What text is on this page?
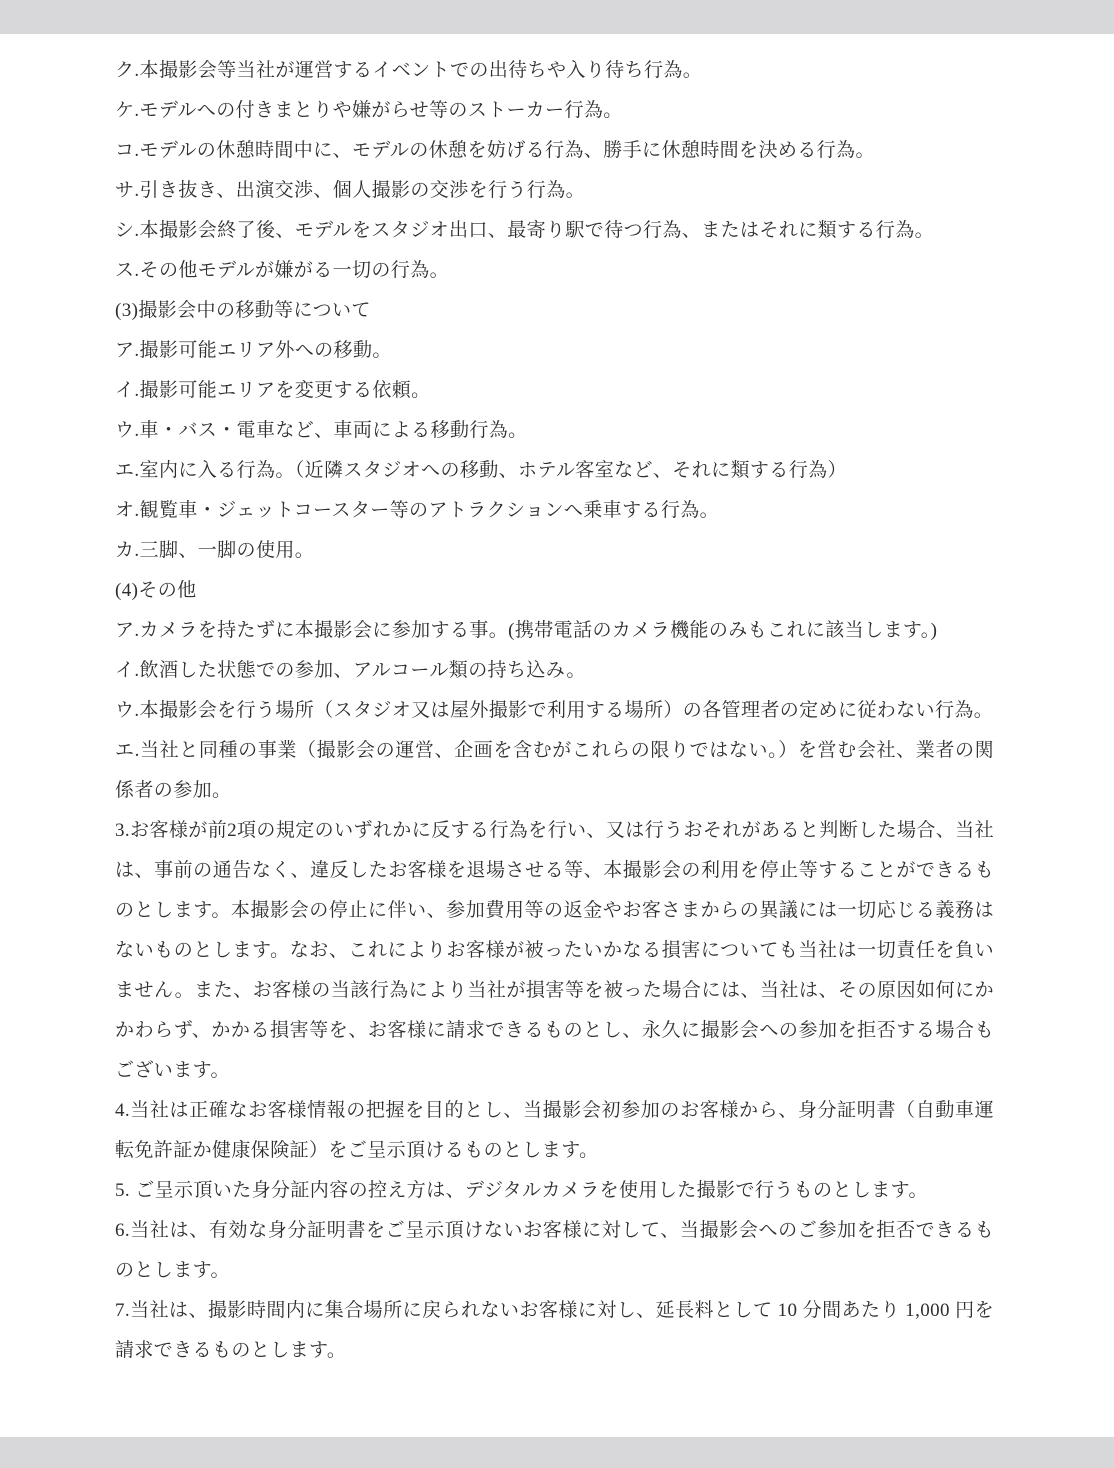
ク.本撮影会等当社が運営するイベントでの出待ちや入り待ち行為。

ケ.モデルへの付きまとりや嫌がらせ等のストーカー行為。

コ.モデルの休憩時間中に、モデルの休憩を妨げる行為、勝手に休憩時間を決める行為。

サ.引き抜き、出演交渉、個人撮影の交渉を行う行為。

シ.本撮影会終了後、モデルをスタジオ出口、最寄り駅で待つ行為、またはそれに類する行為。

ス.その他モデルが嫌がる一切の行為。

(3)撮影会中の移動等について

ア.撮影可能エリア外への移動。

イ.撮影可能エリアを変更する依頼。

ウ.車・バス・電車など、車両による移動行為。

エ.室内に入る行為。（近隣スタジオへの移動、ホテル客室など、それに類する行為）

オ.観覧車・ジェットコースター等のアトラクションへ乗車する行為。

カ.三脚、一脚の使用。

(4)その他

ア.カメラを持たずに本撮影会に参加する事。(携帯電話のカメラ機能のみもこれに該当します。)

イ.飲酒した状態での参加、アルコール類の持ち込み。

ウ.本撮影会を行う場所（スタジオ又は屋外撮影で利用する場所）の各管理者の定めに従わない行為。

エ.当社と同種の事業（撮影会の運営、企画を含むがこれらの限りではない。）を営む会社、業者の関係者の参加。

3.お客様が前2項の規定のいずれかに反する行為を行い、又は行うおそれがあると判断した場合、当社は、事前の通告なく、違反したお客様を退場させる等、本撮影会の利用を停止等することができるものとします。本撮影会の停止に伴い、参加費用等の返金やお客さまからの異議には一切応じる義務はないものとします。なお、これによりお客様が被ったいかなる損害についても当社は一切責任を負いません。また、お客様の当該行為により当社が損害等を被った場合には、当社は、その原因如何にかかわらず、かかる損害等を、お客様に請求できるものとし、永久に撮影会への参加を拒否する場合もございます。

4.当社は正確なお客様情報の把握を目的とし、当撮影会初参加のお客様から、身分証明書（自動車運転免許証か健康保険証）をご呈示頂けるものとします。

5. ご呈示頂いた身分証内容の控え方は、デジタルカメラを使用した撮影で行うものとします。

6.当社は、有効な身分証明書をご呈示頂けないお客様に対して、当撮影会へのご参加を拒否できるものとします。

7.当社は、撮影時間内に集合場所に戻られないお客様に対し、延長料として 10 分間あたり 1,000 円を請求できるものとします。
